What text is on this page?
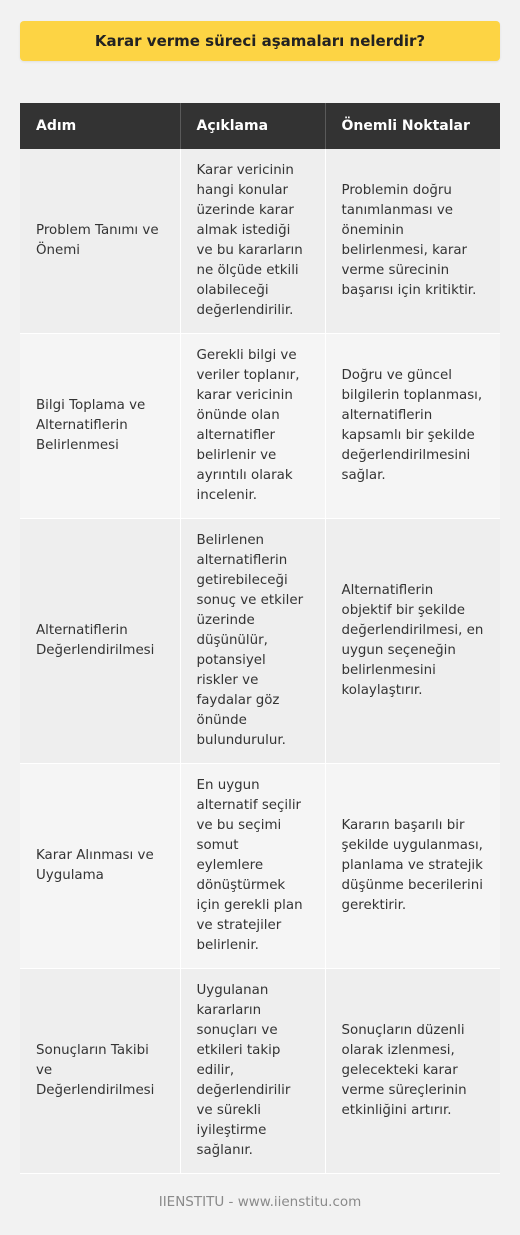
Karar verme süreci aşamaları nelerdir?
Adım	Açıklama	Önemli Noktalar
Problem Tanımı ve Önemi	Karar vericinin hangi konular üzerinde karar almak istediği ve bu kararların ne ölçüde etkili olabileceği değerlendirilir.	Problemin doğru tanımlanması ve öneminin belirlenmesi, karar verme sürecinin başarısı için kritiktir.
Bilgi Toplama ve Alternatiflerin Belirlenmesi	Gerekli bilgi ve veriler toplanır, karar vericinin önünde olan alternatifler belirlenir ve ayrıntılı olarak incelenir.	Doğru ve güncel bilgilerin toplanması, alternatiflerin kapsamlı bir şekilde değerlendirilmesini sağlar.
Alternatiflerin Değerlendirilmesi	Belirlenen alternatiflerin getirebileceği sonuç ve etkiler üzerinde düşünülür, potansiyel riskler ve faydalar göz önünde bulundurulur.	Alternatiflerin objektif bir şekilde değerlendirilmesi, en uygun seçeneğin belirlenmesini kolaylaştırır.
Karar Alınması ve Uygulama	En uygun alternatif seçilir ve bu seçimi somut eylemlere dönüştürmek için gerekli plan ve stratejiler belirlenir.	Kararın başarılı bir şekilde uygulanması, planlama ve stratejik düşünme becerilerini gerektirir.
Sonuçların Takibi ve Değerlendirilmesi	Uygulanan kararların sonuçları ve etkileri takip edilir, değerlendirilir ve sürekli iyileştirme sağlanır.	Sonuçların düzenli olarak izlenmesi, gelecekteki karar verme süreçlerinin etkinliğini artırır.
IIENSTITU - www.iienstitu.com
